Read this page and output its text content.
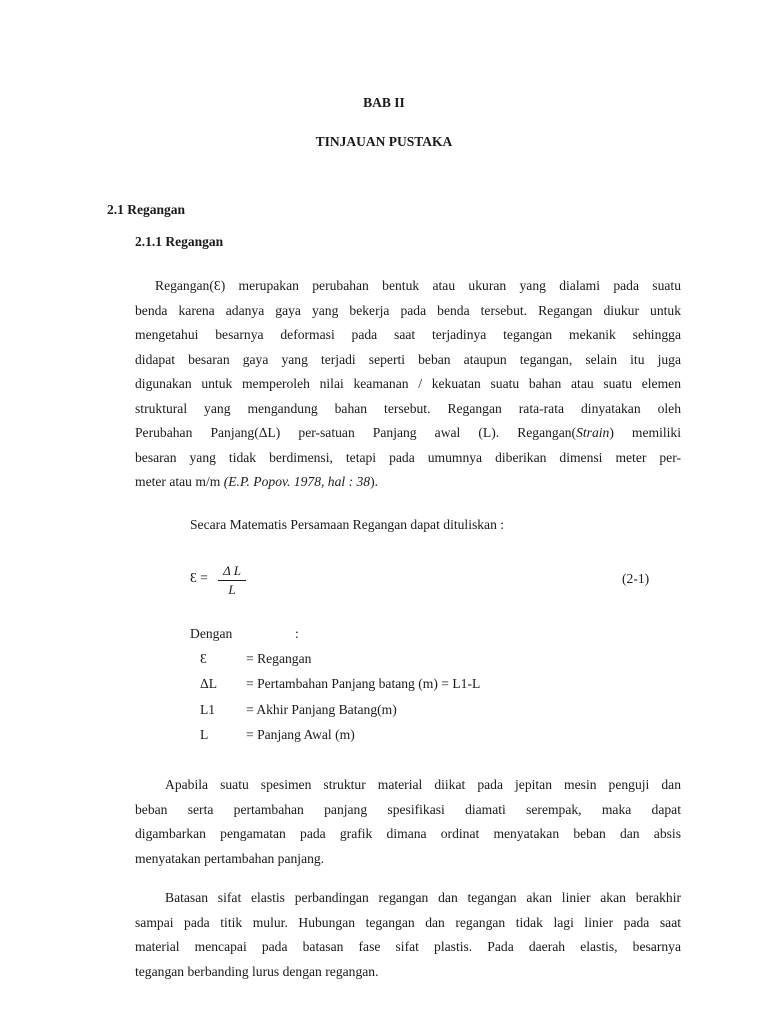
BAB II
TINJAUAN PUSTAKA
2.1 Regangan
2.1.1 Regangan
Regangan(Ɛ) merupakan perubahan bentuk atau ukuran yang dialami pada suatu
benda karena adanya gaya yang bekerja pada benda tersebut. Regangan diukur untuk
mengetahui besarnya deformasi pada saat terjadinya tegangan mekanik sehingga
didapat besaran gaya yang terjadi seperti beban ataupun tegangan, selain itu juga
digunakan untuk memperoleh nilai keamanan / kekuatan suatu bahan atau suatu elemen
struktural yang mengandung bahan tersebut. Regangan rata-rata dinyatakan oleh
Perubahan Panjang(ΔL) per-satuan Panjang awal (L). Regangan(Strain) memiliki
besaran yang tidak berdimensi, tetapi pada umumnya diberikan dimensi meter per-
meter atau m/m (E.P. Popov. 1978, hal : 38).
Secara Matematis Persamaan Regangan dapat dituliskan :
Ɛ =	Δ L
L
(2-1)
Dengan	:
Ɛ	= Regangan
ΔL	= Pertambahan Panjang batang (m) = L1-L
L1	= Akhir Panjang Batang(m)
L	= Panjang Awal (m)
Apabila suatu spesimen struktur material diikat pada jepitan mesin penguji dan
beban serta pertambahan panjang spesifikasi diamati serempak, maka dapat
digambarkan pengamatan pada grafik dimana ordinat menyatakan beban dan absis
menyatakan pertambahan panjang.
Batasan sifat elastis perbandingan regangan dan tegangan akan linier akan berakhir
sampai pada titik mulur. Hubungan tegangan dan regangan tidak lagi linier pada saat
material mencapai pada batasan fase sifat plastis. Pada daerah elastis, besarnya
tegangan berbanding lurus dengan regangan.
